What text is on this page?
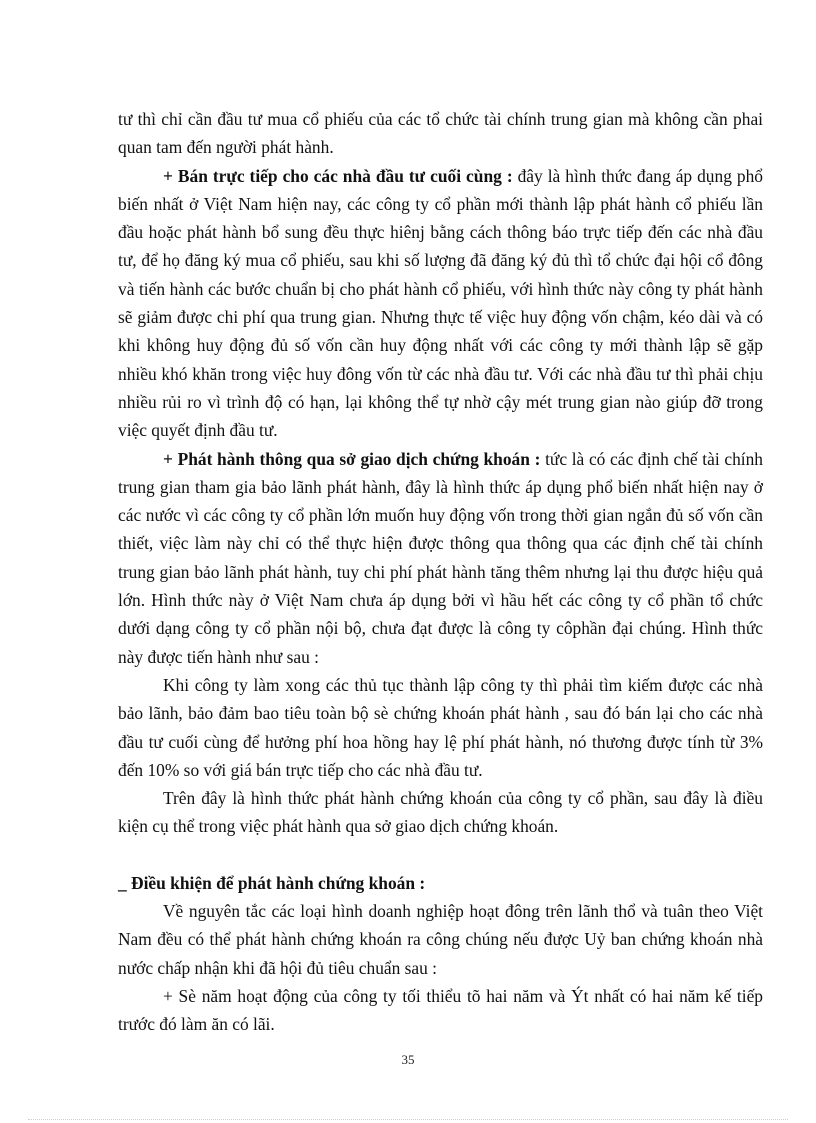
tư thì chỉ cần đầu tư mua cổ phiếu của các tổ chức tài chính trung gian mà không cần phai quan tam đến người phát hành.

+ Bán trực tiếp cho các nhà đầu tư cuối cùng : đây là hình thức đang áp dụng phổ biến nhất ở Việt Nam hiện nay, các công ty cổ phần mới thành lập phát hành cổ phiếu lần đầu hoặc phát hành bổ sung đều thực hiênj bằng cách thông báo trực tiếp đến các nhà đầu tư, để họ đăng ký mua cổ phiếu, sau khi số lượng đã đăng ký đủ thì tổ chức đại hội cổ đông và tiến hành các bước chuẩn bị cho phát hành cổ phiếu, với hình thức này công ty phát hành sẽ giảm được chi phí qua trung gian. Nhưng thực tế việc huy động vốn chậm, kéo dài và có khi không huy động đủ số vốn cần huy động nhất với các công ty mới thành lập sẽ gặp nhiều khó khăn trong việc huy đông vốn từ các nhà đầu tư. Với các nhà đầu tư thì phải chịu nhiều rủi ro vì trình độ có hạn, lại không thể tự nhờ cậy mét trung gian nào giúp đỡ trong việc quyết định đầu tư.

+ Phát hành thông qua sở giao dịch chứng khoán : tức là có các định chế tài chính trung gian tham gia bảo lãnh phát hành, đây là hình thức áp dụng phổ biến nhất hiện nay ở các nước vì các công ty cổ phần lớn muốn huy động vốn trong thời gian ngắn đủ số vốn cần thiết, việc làm này chỉ có thể thực hiện được thông qua thông qua các định chế tài chính trung gian bảo lãnh phát hành, tuy chi phí phát hành tăng thêm nhưng lại thu được hiệu quả lớn. Hình thức này ở Việt Nam chưa áp dụng bởi vì hầu hết các công ty cổ phần tổ chức dưới dạng công ty cổ phần nội bộ, chưa đạt được là công ty côphần đại chúng. Hình thức này được tiến hành như sau :

Khi công ty làm xong các thủ tục thành lập công ty thì phải tìm kiếm được các nhà bảo lãnh, bảo đảm bao tiêu toàn bộ sè chứng khoán phát hành , sau đó bán lại cho các nhà đầu tư cuối cùng để hưởng phí hoa hồng hay lệ phí phát hành, nó thương được tính từ 3% đến 10% so với giá bán trực tiếp cho các nhà đầu tư.

Trên đây là hình thức phát hành chứng khoán của công ty cổ phần, sau đây là điều kiện cụ thể trong việc phát hành qua sở giao dịch chứng khoán.

_ Điều khiện để phát hành chứng khoán :

Về nguyên tắc các loại hình doanh nghiệp hoạt đông trên lãnh thổ và tuân theo Việt Nam đều có thể phát hành chứng khoán ra công chúng nếu được Uỷ ban chứng khoán nhà nước chấp nhận khi đã hội đủ tiêu chuẩn sau :

+ Sè năm hoạt động của công ty tối thiểu tõ hai năm và Ýt nhất có hai năm kế tiếp trước đó làm ăn có lãi.

35
